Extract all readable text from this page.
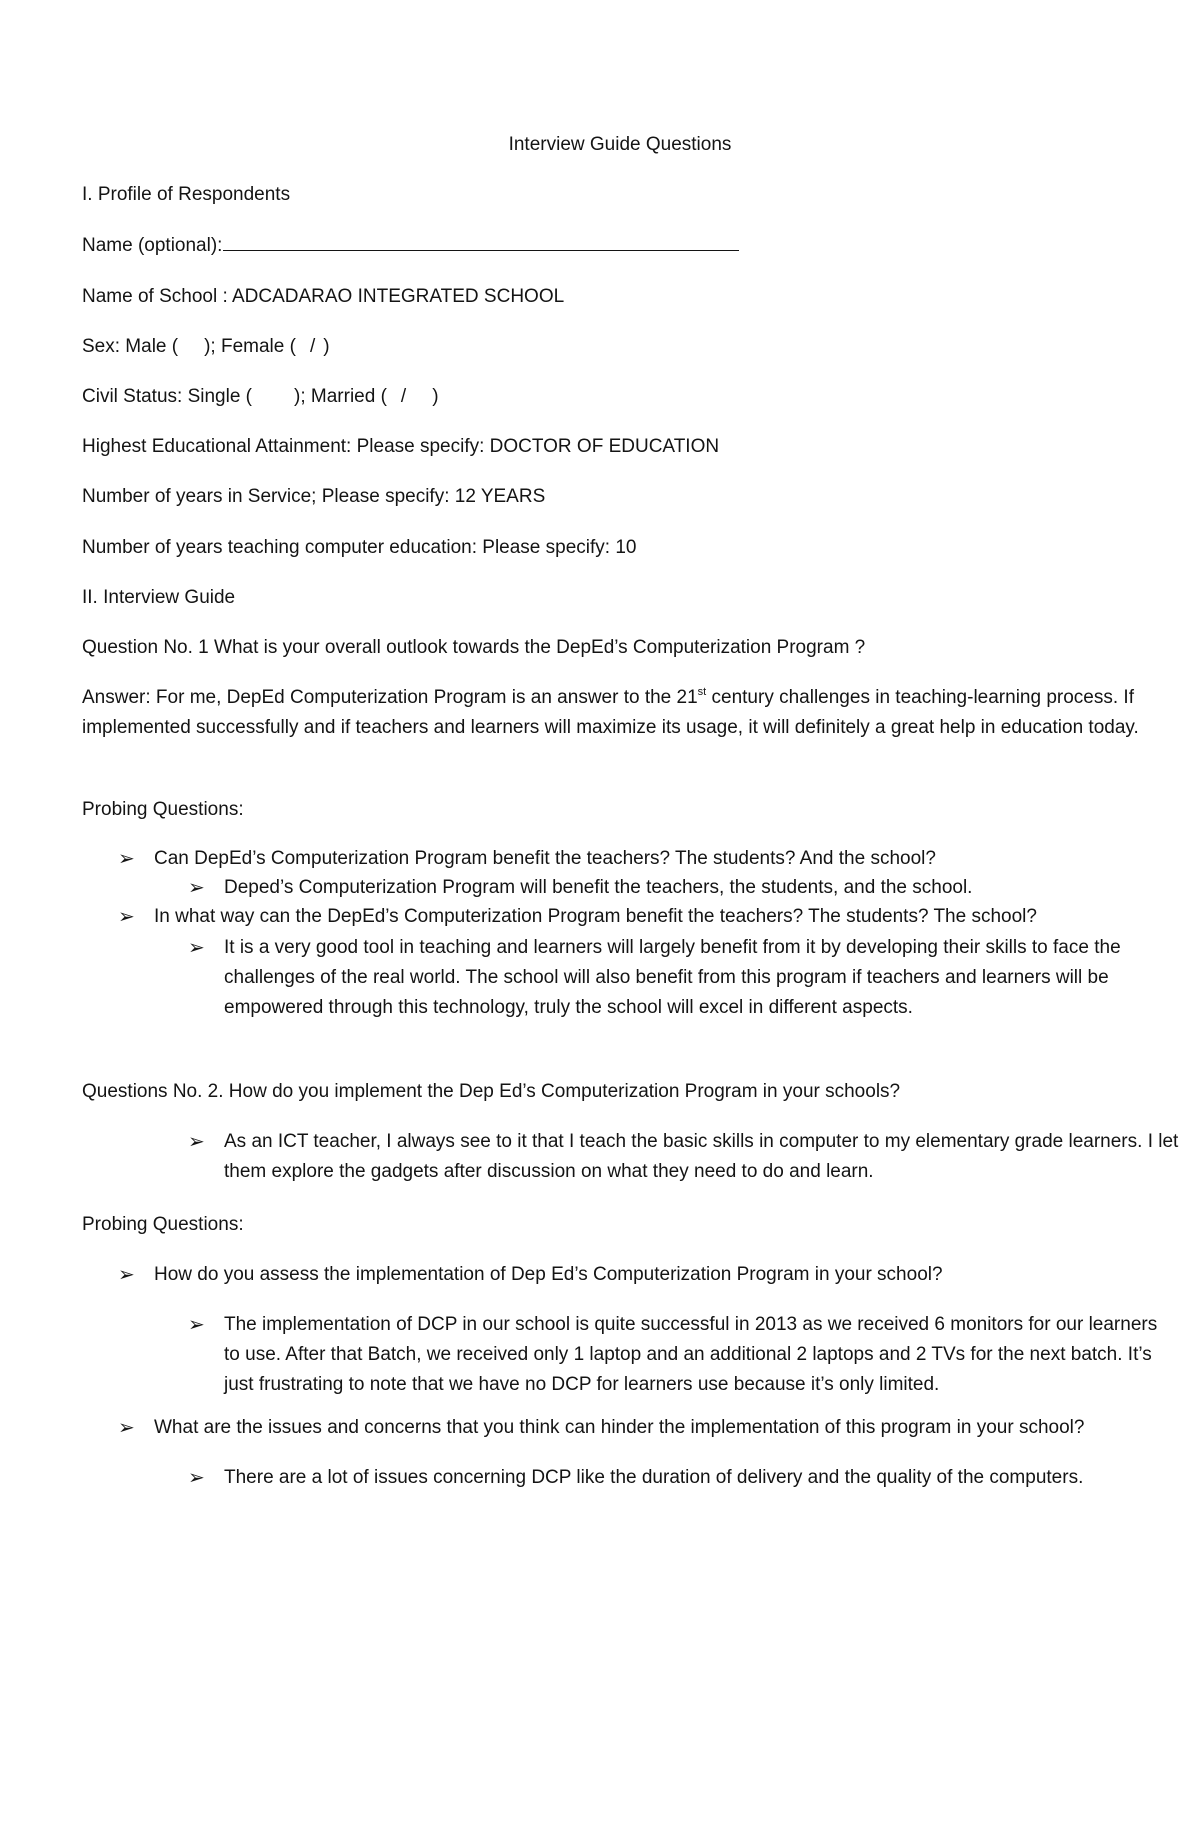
Interview Guide Questions
I. Profile of Respondents
Name (optional):
Name of School : ADCADARAO INTEGRATED SCHOOL
Sex: Male ( ); Female ( / )
Civil Status: Single ( ); Married ( / )
Highest Educational Attainment: Please specify: DOCTOR OF EDUCATION
Number of years in Service; Please specify: 12 YEARS
Number of years teaching computer education: Please specify: 10
II. Interview Guide
Question No. 1 What is your overall outlook towards the DepEd’s Computerization Program ?
Answer: For me, DepEd Computerization Program is an answer to the 21st century challenges in teaching-learning process. If implemented successfully and if teachers and learners will maximize its usage, it will definitely a great help in education today.
Probing Questions:
➢ Can DepEd’s Computerization Program benefit the teachers? The students? And the school?
➢ Deped’s Computerization Program will benefit the teachers, the students, and the school.
➢ In what way can the DepEd’s Computerization Program benefit the teachers? The students? The school?
➢ It is a very good tool in teaching and learners will largely benefit from it by developing their skills to face the challenges of the real world. The school will also benefit from this program if teachers and learners will be empowered through this technology, truly the school will excel in different aspects.
Questions No. 2. How do you implement the Dep Ed’s Computerization Program in your schools?
➢ As an ICT teacher, I always see to it that I teach the basic skills in computer to my elementary grade learners. I let them explore the gadgets after discussion on what they need to do and learn.
Probing Questions:
➢ How do you assess the implementation of Dep Ed’s Computerization Program in your school?
➢ The implementation of DCP in our school is quite successful in 2013 as we received 6 monitors for our learners to use. After that Batch, we received only 1 laptop and an additional 2 laptops and 2 TVs for the next batch. It’s just frustrating to note that we have no DCP for learners use because it’s only limited.
➢ What are the issues and concerns that you think can hinder the implementation of this program in your school?
➢ There are a lot of issues concerning DCP like the duration of delivery and the quality of the computers.
